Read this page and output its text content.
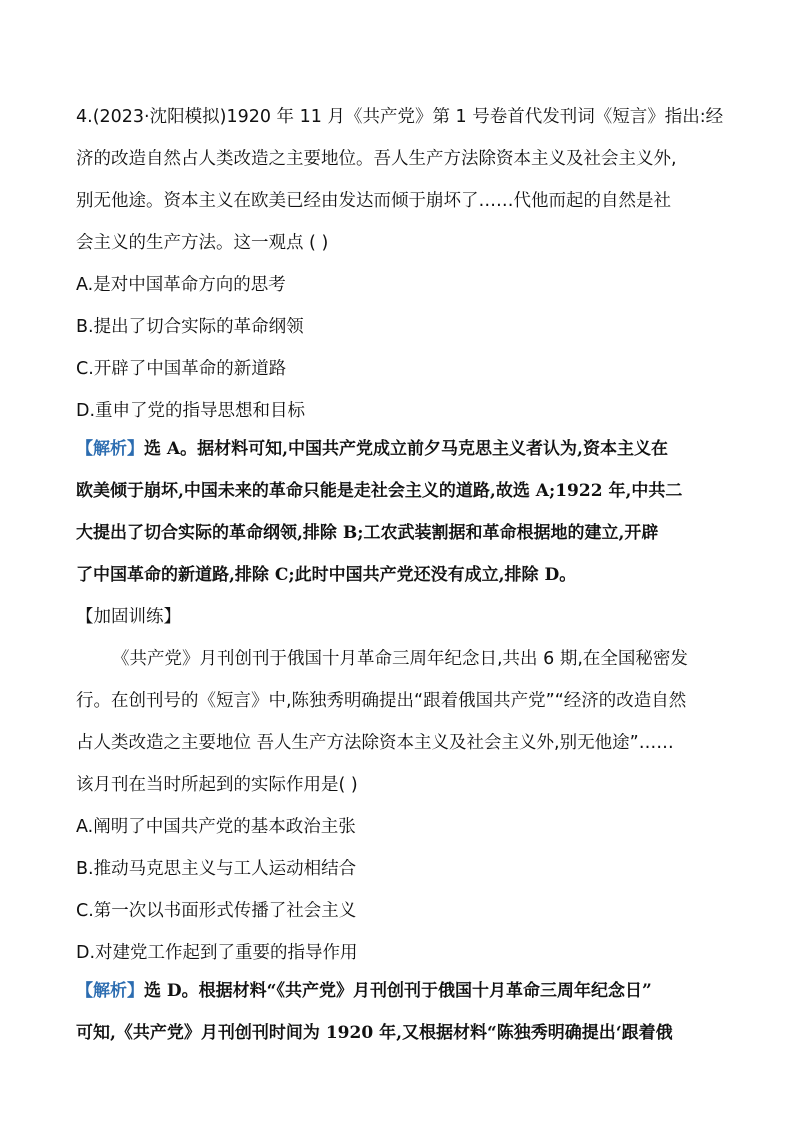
4.(2023·沈阳模拟)1920 年 11 月《共产党》第 1 号卷首代发刊词《短言》指出:经
济的改造自然占人类改造之主要地位。吾人生产方法除资本主义及社会主义外,
别无他途。资本主义在欧美已经由发达而倾于崩坏了……代他而起的自然是社
会主义的生产方法。这一观点 ( )
A.是对中国革命方向的思考
B.提出了切合实际的革命纲领
C.开辟了中国革命的新道路
D.重申了党的指导思想和目标
【解析】选 A。据材料可知,中国共产党成立前夕马克思主义者认为,资本主义在
欧美倾于崩坏,中国未来的革命只能是走社会主义的道路,故选 A;1922 年,中共二
大提出了切合实际的革命纲领,排除 B;工农武装割据和革命根据地的建立,开辟
了中国革命的新道路,排除 C;此时中国共产党还没有成立,排除 D。
【加固训练】
《共产党》月刊创刊于俄国十月革命三周年纪念日,共出 6 期,在全国秘密发
行。在创刊号的《短言》中,陈独秀明确提出“跟着俄国共产党”“经济的改造自然
占人类改造之主要地位 吾人生产方法除资本主义及社会主义外,别无他途”……
该月刊在当时所起到的实际作用是( )
A.阐明了中国共产党的基本政治主张
B.推动马克思主义与工人运动相结合
C.第一次以书面形式传播了社会主义
D.对建党工作起到了重要的指导作用
【解析】选 D。根据材料“《共产党》月刊创刊于俄国十月革命三周年纪念日”
可知,《共产党》月刊创刊时间为 1920 年,又根据材料“陈独秀明确提出‘跟着俄
